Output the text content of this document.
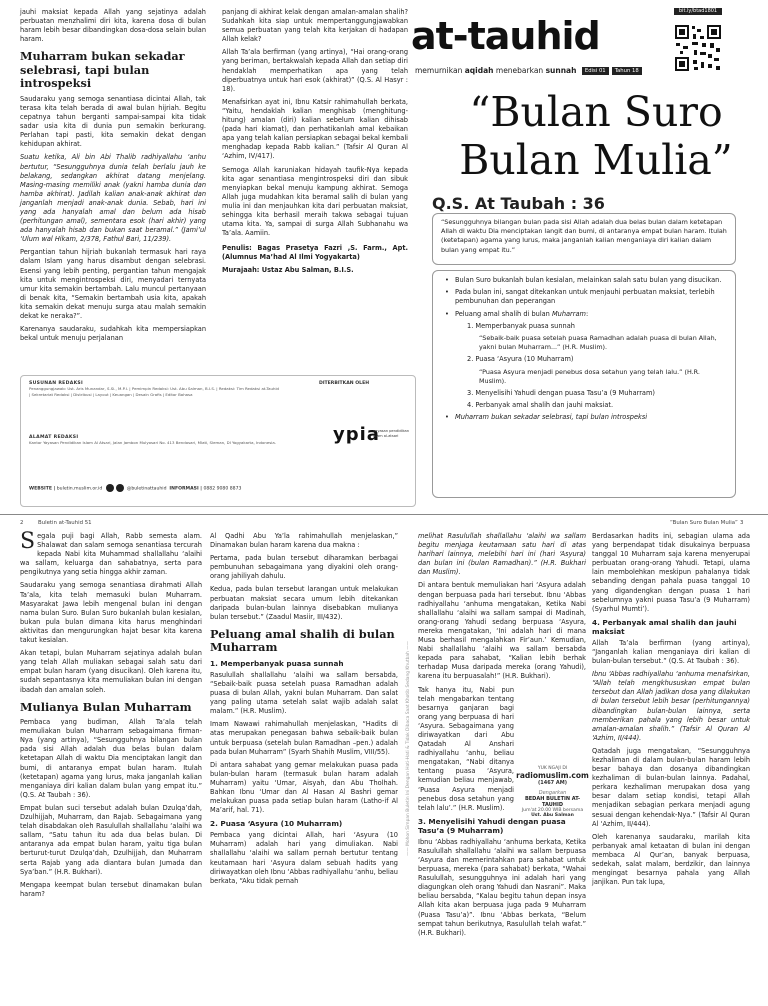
jauhi maksiat kepada Allah yang sejatinya adalah perbuatan menzhalimi diri kita, karena dosa di bulan haram lebih besar dibandingkan dosa-dosa selain bulan haram.

Muharram bukan sekadar selebrasi, tapi bulan introspeksi

Saudaraku yang semoga senantiasa dicintai Allah, tak terasa kita telah berada di awal bulan hijriah. Begitu cepatnya tahun berganti sampai-sampai kita tidak sadar usia kita di dunia pun semakin berkurang. Perlahan tapi pasti, kita semakin dekat dengan kehidupan akhirat.

Suatu ketika, Ali bin Abi Thalib radhiyallahu ‘anhu bertutur, “Sesungguhnya dunia telah berlalu jauh ke belakang, sedangkan akhirat datang menjelang. Masing-masing memiliki anak (yakni hamba dunia dan hamba akhirat). Jadilah kalian anak-anak akhirat dan janganlah menjadi anak-anak dunia. Sebab, hari ini yang ada hanyalah amal dan belum ada hisab (perhitungan amal), sementara esok (hari akhir) yang ada hanyalah hisab dan bukan saat beramal.” (Jami’ul ‘Ulum wal Hikam, 2/378, Fathul Bari, 11/239).

Pergantian tahun hijriah bukanlah termasuk hari raya dalam Islam yang harus disambut dengan selebrasi. Esensi yang lebih penting, pergantian tahun mengajak kita untuk mengintrospeksi diri, menyadari ternyata umur kita semakin bertambah. Lalu muncul pertanyaan di benak kita, “Semakin bertambah usia kita, apakah kita semakin dekat menuju surga atau malah semakin dekat ke neraka?”.

Karenanya saudaraku, sudahkah kita mempersiapkan bekal untuk menuju perjalanan

panjang di akhirat kelak dengan amalan-amalan shalih? Sudahkah kita siap untuk mempertanggungjawabkan semua perbuatan yang telah kita kerjakan di hadapan Allah kelak?

Allah Ta’ala berfirman (yang artinya), “Hai orang-orang yang beriman, bertakwalah kepada Allah dan setiap diri hendaklah memperhatikan apa yang telah diperbuatnya untuk hari esok (akhirat)” (Q.S. Al Hasyr : 18).

Menafsirkan ayat ini, Ibnu Katsir rahimahullah berkata, “Yaitu, hendaklah kalian menghisab (menghitung-hitung) amalan (diri) kalian sebelum kalian dihisab (pada hari kiamat), dan perhatikanlah amal kebaikan apa yang telah kalian persiapkan sebagai bekal kembali menghadap kepada Rabb kalian.” (Tafsir Al Quran Al ‘Azhim, IV/417).

Semoga Allah karuniakan hidayah taufik-Nya kepada kita agar senantiasa mengintrospeksi diri dan sibuk menyiapkan bekal menuju kampung akhirat. Semoga Allah juga mudahkan kita beramal salih di bulan yang mulia ini dan menjauhkan kita dari perbuatan maksiat, sehingga kita berhasil meraih takwa sebagai tujuan utama kita. Ya, sampai di surga Allah Subhanahu wa Ta’ala. Aamiin.

Penulis: Bagas Prasetya Fazri ,S. Farm., Apt. (Alumnus Ma’had Al Ilmi Yogyakarta)

Murajaah: Ustaz Abu Salman, B.I.S.

at-tauhid
memurnikan aqidah menebarkan sunnah Edisi 01 Tahun 18
bit.ly/btad1801
“Bulan Suro
Bulan Mulia”
Q.S. At Taubah : 36
“Sesungguhnya bilangan bulan pada sisi Allah adalah dua belas bulan dalam ketetapan Allah di waktu Dia menciptakan langit dan bumi, di antaranya empat bulan haram. Itulah (ketetapan) agama yang lurus, maka janganlah kalian menganiaya diri kalian dalam bulan yang empat itu.”
• Bulan Suro bukanlah bulan kesialan, melainkan salah satu bulan yang disucikan.
• Pada bulan ini, sangat ditekankan untuk menjauhi perbuatan maksiat, terlebih pembunuhan dan peperangan
• Peluang amal shalih di bulan Muharram:
1. Memperbanyak puasa sunnah
“Sebaik-baik puasa setelah puasa Ramadhan adalah puasa di bulan Allah, yakni bulan Muharram...” (H.R. Muslim).
2. Puasa ‘Asyura (10 Muharram)
“Puasa Asyura menjadi penebus dosa setahun yang telah lalu.” (H.R. Muslim).
3. Menyelisihi Yahudi dengan puasa Tasu’a (9 Muharram)
4. Perbanyak amal shalih dan jauhi maksiat.
• Muharram bukan sekadar selebrasi, tapi bulan introspeksi
SUSUNAN REDAKSI
Penanggungjawab: Ust. Aris Munandar, S.Si., M.P.I. | Pemimpin Redaksi: Ust. Abu Salman, B.I.S. | Redaksi: Tim Redaksi at-Tauhid | Sekretariat Redaksi | Distribusi | Layout | Keuangan | Desain Grafis | Editor Bahasa
DITERBITKAN OLEH
ypia
yayasan pendidikan islam al-atsari
ALAMAT REDAKSI
Kantor Yayasan Pendidikan Islam Al Atsari, Jalan Jambon Mulyosari No. 413 Bendosari, Mlati, Sleman, DI Yogyakarta, Indonesia.
WEBSITE | buletin.muslim.or.id	@buletinattauhid INFORMASI | 0882 9080 8873
2	Buletin at-Tauhid 51	“Bulan Suro Bulan Mulia” 3

Segala puji bagi Allah, Rabb semesta alam. Shalawat dan salam semoga senantiasa tercurah kepada Nabi kita Muhammad shallallahu ‘alaihi wa sallam, keluarga dan sahabatnya, serta para pengikutnya yang setia hingga akhir zaman.

Saudaraku yang semoga senantiasa dirahmati Allah Ta’ala, kita telah memasuki bulan Muharram. Masyarakat Jawa lebih mengenal bulan ini dengan nama bulan Suro. Bulan Suro bukanlah bulan kesialan, bukan pula bulan dimana kita harus menghindari aktivitas dan mengurungkan hajat besar kita karena takut kesialan.

Akan tetapi, bulan Muharram sejatinya adalah bulan yang telah Allah muliakan sebagai salah satu dari empat bulan haram (yang disucikan). Oleh karena itu, sudah sepantasnya kita memuliakan bulan ini dengan ibadah dan amalan soleh.

Mulianya Bulan Muharram

Pembaca yang budiman, Allah Ta’ala telah memuliakan bulan Muharram sebagaimana firman-Nya (yang artinya), “Sesungguhnya bilangan bulan pada sisi Allah adalah dua belas bulan dalam ketetapan Allah di waktu Dia menciptakan langit dan bumi, di antaranya empat bulan haram. Itulah (ketetapan) agama yang lurus, maka janganlah kalian menganiaya diri kalian dalam bulan yang empat itu.” (Q.S. At Taubah : 36).

Empat bulan suci tersebut adalah bulan Dzulqa’dah, Dzulhijjah, Muharram, dan Rajab. Sebagaimana yang telah disabdakan oleh Rasulullah shallallahu ‘alaihi wa sallam, “Satu tahun itu ada dua belas bulan. Di antaranya ada empat bulan haram, yaitu tiga bulan berturut-turut Dzulqa’dah, Dzulhijjah, dan Muharram serta Rajab yang ada diantara bulan Jumada dan Sya’ban.” (H.R. Bukhari).

Mengapa keempat bulan tersebut dinamakan bulan haram?

Al Qadhi Abu Ya’la rahimahullah menjelaskan,” Dinamakan bulan haram karena dua makna :

Pertama, pada bulan tersebut diharamkan berbagai pembunuhan sebagaimana yang diyakini oleh orang-orang jahiliyah dahulu.

Kedua, pada bulan tersebut larangan untuk melakukan perbuatan maksiat secara umum lebih ditekankan daripada bulan-bulan lainnya disebabkan mulianya bulan tersebut.” (Zaadul Masiir, III/432).

Peluang amal shalih di bulan Muharram
1. Memperbanyak puasa sunnah

Rasulullah shallallahu ‘alaihi wa sallam bersabda, “Sebaik-baik puasa setelah puasa Ramadhan adalah puasa di bulan Allah, yakni bulan Muharram. Dan salat yang paling utama setelah salat wajib adalah salat malam.” (H.R. Muslim).

Imam Nawawi rahimahullah menjelaskan, “Hadits di atas merupakan penegasan bahwa sebaik-baik bulan untuk berpuasa (setelah bulan Ramadhan –pen.) adalah pada bulan Muharram” (Syarh Shahih Muslim, VIII/55).

Di antara sahabat yang gemar melakukan puasa pada bulan-bulan haram (termasuk bulan haram adalah Muharram) yaitu ‘Umar, Aisyah, dan Abu Tholhah. Bahkan Ibnu ‘Umar dan Al Hasan Al Bashri gemar melakukan puasa pada setiap bulan haram (Latho-if Al Ma’arif, hal. 71).

2. Puasa ‘Asyura (10 Muharram)

Pembaca yang dicintai Allah, hari ‘Asyura (10 Muharram) adalah hari yang dimuliakan. Nabi shallallahu ‘alaihi wa sallam pernah bertutur tentang keutamaan hari ‘Asyura dalam sebuah hadits yang diriwayatkan oleh Ibnu ‘Abbas radhiyallahu ‘anhu, beliau berkata, “Aku tidak pernah

—— Mohon Simpan Buletin Ini Dengan Hati-Hati & Tidak Dibaca Saat Khotib Sedang Khutbah ——

melihat Rasulullah shallallahu ‘alaihi wa sallam begitu menjaga keutamaan satu hari di atas harihari lainnya, melebihi hari ini (hari ‘Asyura) dan bulan ini (bulan Ramadhan).” (H.R. Bukhari dan Muslim).

Di antara bentuk memuliakan hari ‘Asyura adalah dengan berpuasa pada hari tersebut. Ibnu ‘Abbas radhiyallahu ‘anhuma mengatakan, Ketika Nabi shallallahu ‘alaihi wa sallam sampai di Madinah, orang-orang Yahudi sedang berpuasa ‘Asyura, mereka mengatakan, ‘Ini adalah hari di mana Musa berhasil mengalahkan Fir’aun.’ Kemudian, Nabi shallallahu ‘alaihi wa sallam bersabda kepada para sahabat, “Kalian lebih berhak terhadap Musa daripada mereka (orang Yahudi), karena itu berpuasalah!” (H.R. Bukhari).

Tak hanya itu, Nabi pun telah mengabarkan tentang besarnya ganjaran bagi orang yang berpuasa di hari ‘Asyura. Sebagaimana yang diriwayatkan dari Abu Qatadah Al Anshari radhiyallahu ‘anhu, beliau mengatakan, “Nabi ditanya tentang puasa ‘Asyura, kemudian beliau menjawab, ‘Puasa Asyura menjadi penebus dosa setahun yang telah lalu’.” (H.R. Muslim).

3. Menyelisihi Yahudi dengan puasa Tasu’a (9 Muharram)

Ibnu ‘Abbas radhiyallahu ‘anhuma berkata, Ketika Rasulullah shallallahu ‘alaihi wa sallam berpuasa ‘Asyura dan memerintahkan para sahabat untuk berpuasa, mereka (para sahabat) berkata, “Wahai Rasulullah, sesungguhnya ini adalah hari yang diagungkan oleh orang Yahudi dan Nasrani”. Maka beliau bersabda, “Kalau begitu tahun depan insya Allah kita akan berpuasa juga pada 9 Muharram (Puasa Tasu’a)”. Ibnu ‘Abbas berkata, “Belum sempat tahun berikutnya, Rasulullah telah wafat.” (H.R. Bukhari).

YUK NGAJI DI
radiomuslim.com
(1467 AM)
Dengarkan
BEDAH BULETIN AT-TAUHID
Jum'at 20.00 WIB bersama
Ust. Abu Salman

Berdasarkan hadits ini, sebagian ulama ada yang berpendapat tidak disukainya berpuasa tanggal 10 Muharram saja karena menyerupai perbuatan orang-orang Yahudi. Tetapi, ulama lain membolehkan meskipun pahalanya tidak sebanding dengan pahala puasa tanggal 10 yang digandengkan dengan puasa 1 hari sebelumnya yakni puasa Tasu’a (9 Muharram) (Syarhul Mumti’).

4. Perbanyak amal shalih dan jauhi maksiat

Allah Ta’ala berfirman (yang artinya), “Janganlah kalian menganiaya diri kalian di bulan-bulan tersebut.” (Q.S. At Taubah : 36).

Ibnu ‘Abbas radhiyallahu ‘anhuma menafsirkan, “Allah telah mengkhususkan empat bulan tersebut dan Allah jadikan dosa yang dilakukan di bulan tersebut lebih besar (perhitungannya) dibandingkan bulan-bulan lainnya, serta memberikan pahala yang lebih besar untuk amalan-amalan shalih.” (Tafsir Al Quran Al ‘Azhim, II/444).

Qatadah juga mengatakan, “Sesungguhnya kezhaliman di dalam bulan-bulan haram lebih besar bahaya dan dosanya dibandingkan kezhaliman di bulan-bulan lainnya. Padahal, perkara kezhaliman merupakan dosa yang besar dalam setiap kondisi, tetapi Allah menjadikan sebagian perkara menjadi agung sesuai dengan kehendak-Nya.” (Tafsir Al Quran Al ‘Azhim, II/444).

Oleh karenanya saudaraku, marilah kita perbanyak amal ketaatan di bulan ini dengan membaca Al Qur’an, banyak berpuasa, sedekah, salat malam, berdzikir, dan lainnya mengingat besarnya pahala yang Allah janjikan. Pun tak lupa,
